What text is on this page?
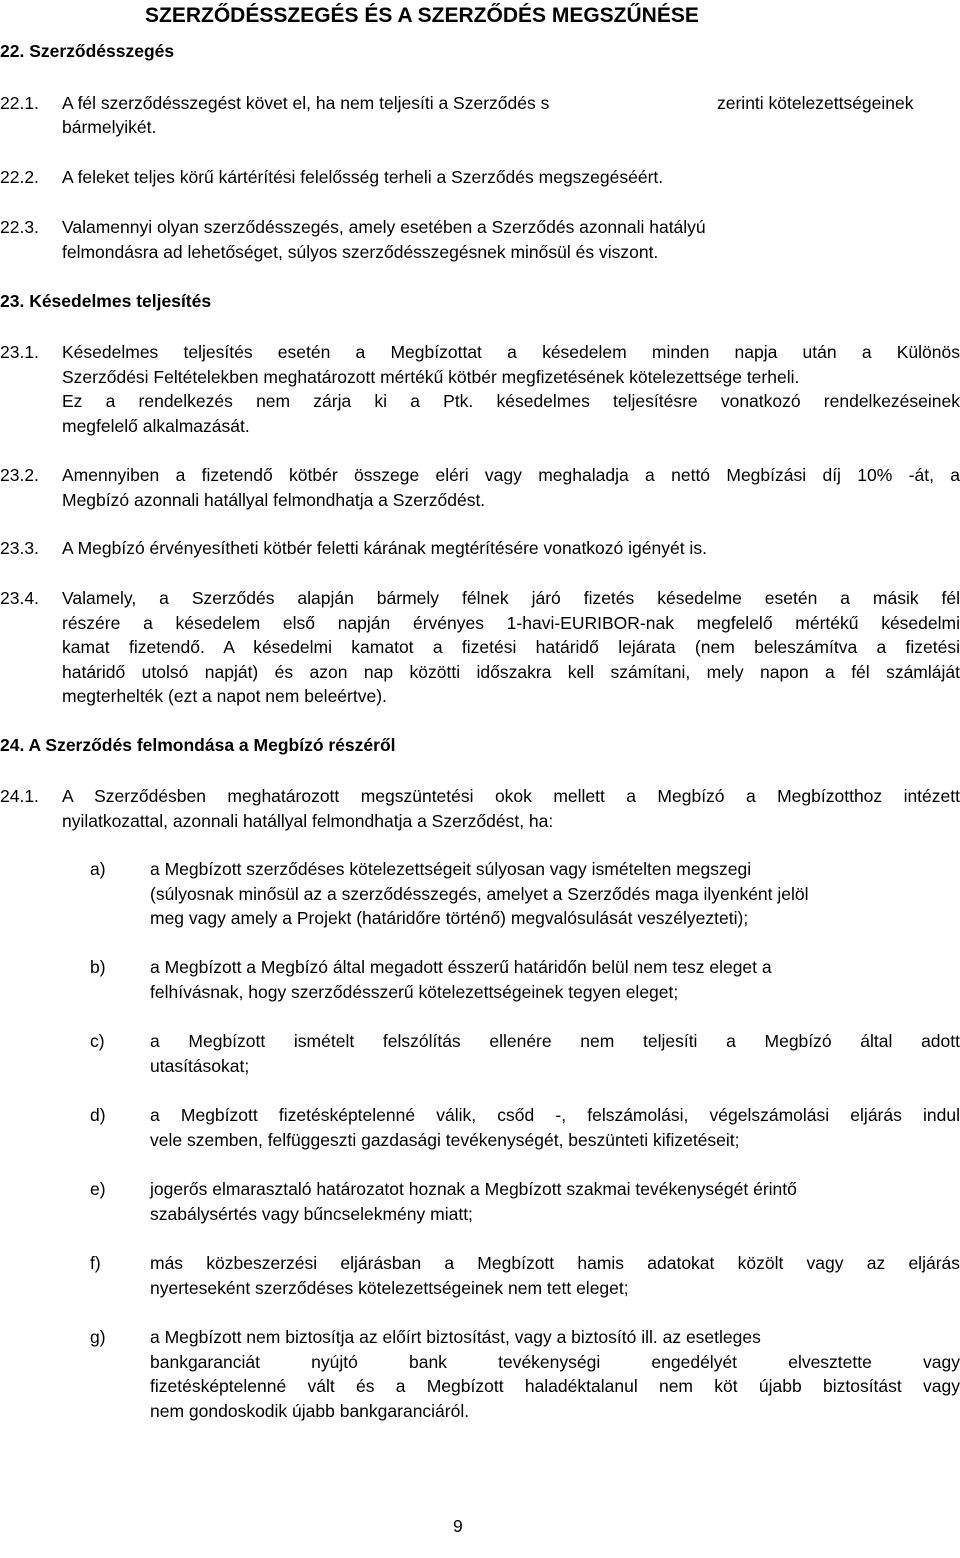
SZERZŐDÉSSZEGÉS ÉS A SZERZŐDÉS MEGSZŰNÉSE
22. Szerződésszegés
22.1. A fél szerződésszegést követ el, ha nem teljesíti a Szerződés s	zerinti kötelezettségeinek
bármelyikét.
22.2. A feleket teljes körű kártérítési felelősség terheli a Szerződés megszegéséért.
22.3. Valamennyi olyan szerződésszegés, amely esetében a Szerződés azonnali hatályú
felmondásra ad lehetőséget, súlyos szerződésszegésnek minősül és viszont.
23. Késedelmes teljesítés
23.1. Késedelmes teljesítés esetén a Megbízottat a késedelem minden napja után a Különös
Szerződési Feltételekben meghatározott mértékű kötbér megfizetésének kötelezettsége terheli.
Ez a rendelkezés nem zárja ki a Ptk. késedelmes teljesítésre vonatkozó rendelkezéseinek
megfelelő alkalmazását.
23.2. Amennyiben a fizetendő kötbér összege eléri vagy meghaladja a nettó Megbízási díj 10% -át, a
Megbízó azonnali hatállyal felmondhatja a Szerződést.
23.3. A Megbízó érvényesítheti kötbér feletti kárának megtérítésére vonatkozó igényét is.
23.4. Valamely, a Szerződés alapján bármely félnek járó fizetés késedelme esetén a másik fél
részére a késedelem első napján érvényes 1-havi-EURIBOR-nak megfelelő mértékű késedelmi
kamat fizetendő. A késedelmi kamatot a fizetési határidő lejárata (nem beleszámítva a fizetési
határidő utolsó napját) és azon nap közötti időszakra kell számítani, mely napon a fél számláját
megterhelték (ezt a napot nem beleértve).
24. A Szerződés felmondása a Megbízó részéről
24.1. A Szerződésben meghatározott megszüntetési okok mellett a Megbízó a Megbízotthoz intézett
nyilatkozattal, azonnali hatállyal felmondhatja a Szerződést, ha:
a)	a Megbízott szerződéses kötelezettségeit súlyosan vagy ismételten megszegi
(súlyosnak minősül az a szerződésszegés, amelyet a Szerződés maga ilyenként jelöl
meg vagy amely a Projekt (határidőre történő) megvalósulását veszélyezteti);
b)	a Megbízott a Megbízó által megadott ésszerű határidőn belül nem tesz eleget a
felhívásnak, hogy szerződésszerű kötelezettségeinek tegyen eleget;
c)	a Megbízott ismételt felszólítás ellenére nem teljesíti a Megbízó által adott
utasításokat;
d)	a Megbízott fizetésképtelenné válik, csőd -, felszámolási, végelszámolási eljárás indul
vele szemben, felfüggeszti gazdasági tevékenységét, beszünteti kifizetéseit;
e)	jogerős elmarasztaló határozatot hoznak a Megbízott szakmai tevékenységét érintő
szabálysértés vagy bűncselekmény miatt;
f)	más közbeszerzési eljárásban a Megbízott hamis adatokat közölt vagy az eljárás
nyerteseként szerződéses kötelezettségeinek nem tett eleget;
g)	a Megbízott nem biztosítja az előírt biztosítást, vagy a biztosító ill. az esetleges
bankgaranciát nyújtó bank tevékenységi engedélyét elvesztette vagy
fizetésképtelenné vált és a Megbízott haladéktalanul nem köt újabb biztosítást vagy
nem gondoskodik újabb bankgaranciáról.
9
